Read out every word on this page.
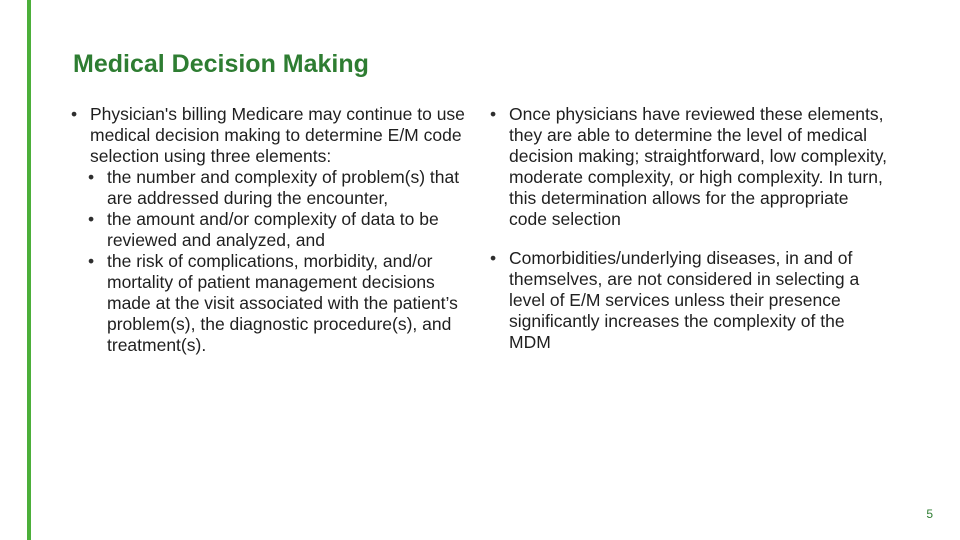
Medical Decision Making
• Physician's billing Medicare may continue to use medical decision making to determine E/M code selection using three elements:
• the number and complexity of problem(s) that are addressed during the encounter,
• the amount and/or complexity of data to be reviewed and analyzed, and
• the risk of complications, morbidity, and/or mortality of patient management decisions made at the visit associated with the patient’s problem(s), the diagnostic procedure(s), and treatment(s).
• Once physicians have reviewed these elements, they are able to determine the level of medical decision making; straightforward, low complexity, moderate complexity, or high complexity. In turn, this determination allows for the appropriate code selection
• Comorbidities/underlying diseases, in and of themselves, are not considered in selecting a level of E/M services unless their presence significantly increases the complexity of the MDM
5
